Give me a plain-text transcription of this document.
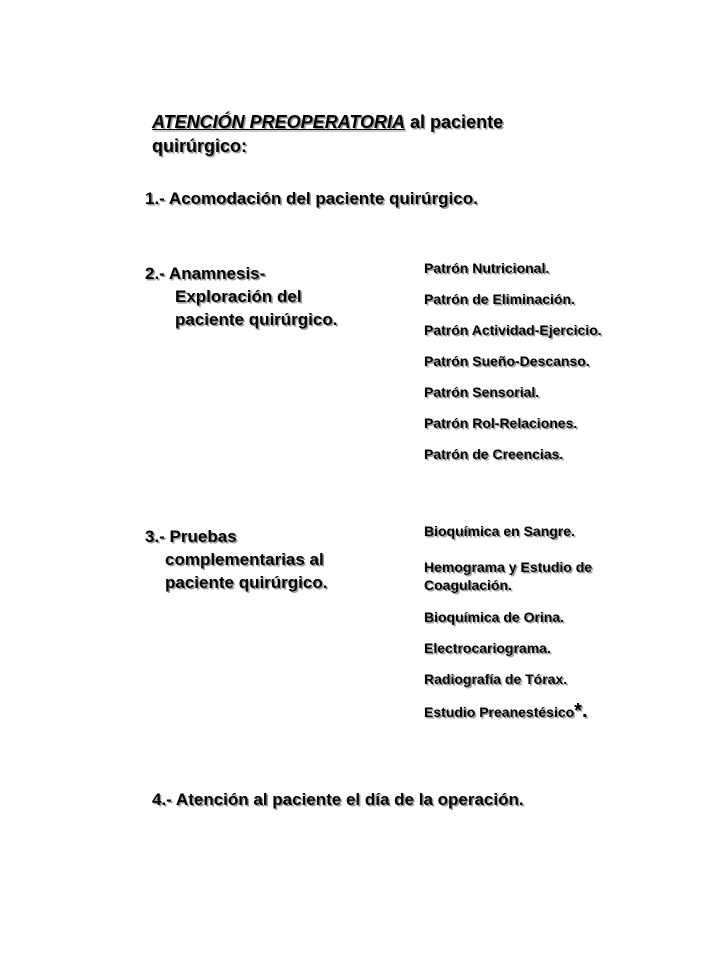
ATENCIÓN PREOPERATORIA al paciente
quirúrgico:
1.- Acomodación del paciente quirúrgico.
2.- Anamnesis-
Exploración del
paciente quirúrgico.
Patrón Nutricional.
Patrón de Eliminación.
Patrón Actividad-Ejercicio.
Patrón Sueño-Descanso.
Patrón Sensorial.
Patrón Rol-Relaciones.
Patrón de Creencias.
3.- Pruebas
complementarias al
paciente quirúrgico.
Bioquímica en Sangre.
Hemograma y Estudio de
Coagulación.
Bioquímica de Orina.
Electrocariograma.
Radiografía de Tórax.
Estudio Preanestésico*.
4.- Atención al paciente el día de la operación.
